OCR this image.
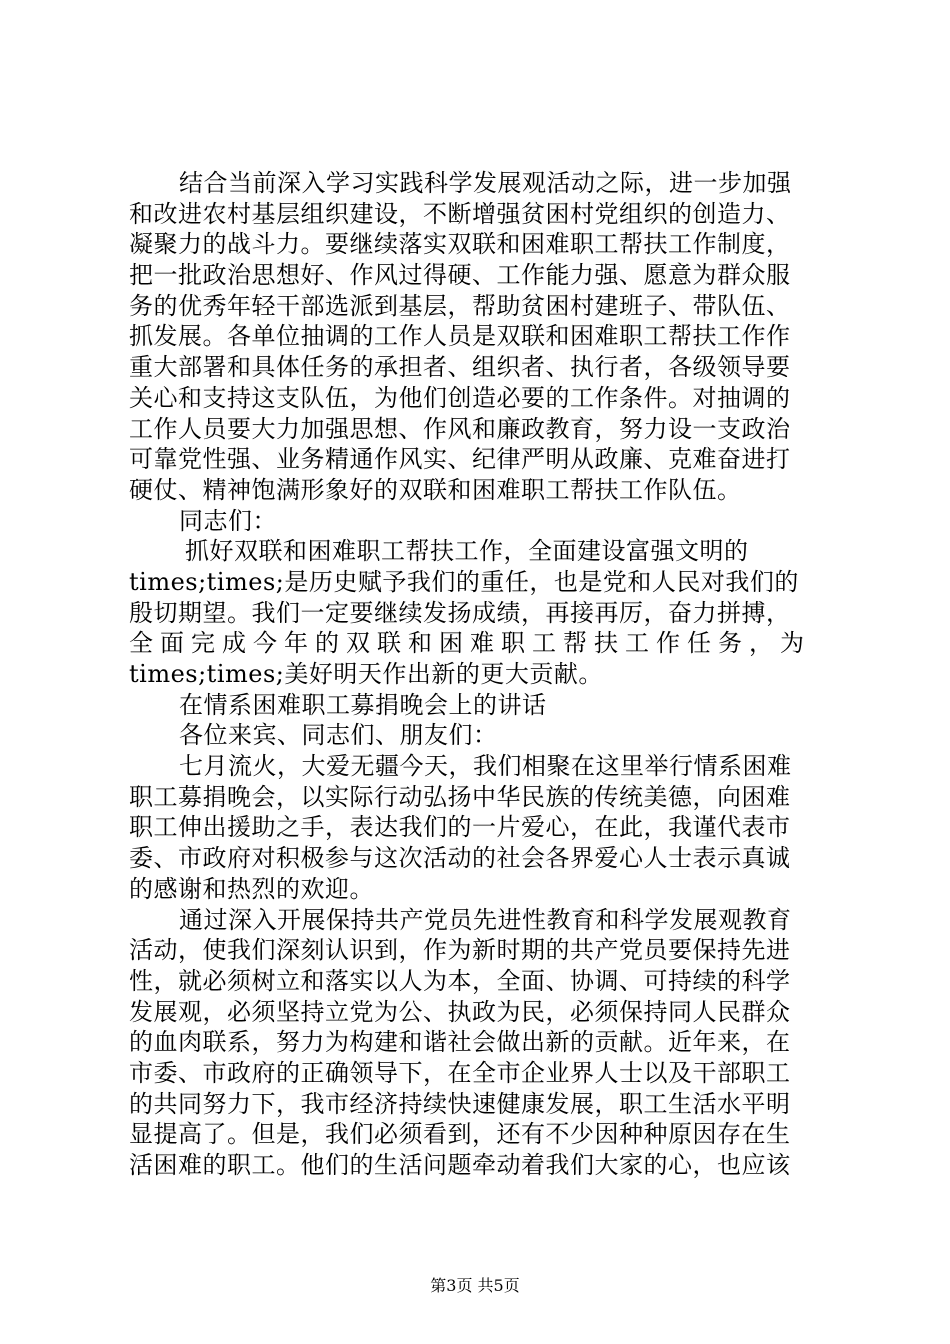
结合当前深入学习实践科学发展观活动之际，进一步加强
和改进农村基层组织建设，不断增强贫困村党组织的创造力、
凝聚力的战斗力。要继续落实双联和困难职工帮扶工作制度，
把一批政治思想好、作风过得硬、工作能力强、愿意为群众服
务的优秀年轻干部选派到基层，帮助贫困村建班子、带队伍、
抓发展。各单位抽调的工作人员是双联和困难职工帮扶工作作
重大部署和具体任务的承担者、组织者、执行者，各级领导要
关心和支持这支队伍，为他们创造必要的工作条件。对抽调的
工作人员要大力加强思想、作风和廉政教育，努力设一支政治
可靠党性强、业务精通作风实、纪律严明从政廉、克难奋进打
硬仗、精神饱满形象好的双联和困难职工帮扶工作队伍。
同志们：
抓好双联和困难职工帮扶工作，全面建设富强文明的
times;times;是历史赋予我们的重任，也是党和人民对我们的
殷切期望。我们一定要继续发扬成绩，再接再厉，奋力拼搏，
全面完成今年的双联和困难职工帮扶工作任务，为
times;times;美好明天作出新的更大贡献。
在情系困难职工募捐晚会上的讲话
各位来宾、同志们、朋友们：
七月流火，大爱无疆今天，我们相聚在这里举行情系困难
职工募捐晚会，以实际行动弘扬中华民族的传统美德，向困难
职工伸出援助之手，表达我们的一片爱心，在此，我谨代表市
委、市政府对积极参与这次活动的社会各界爱心人士表示真诚
的感谢和热烈的欢迎。
通过深入开展保持共产党员先进性教育和科学发展观教育
活动，使我们深刻认识到，作为新时期的共产党员要保持先进
性，就必须树立和落实以人为本，全面、协调、可持续的科学
发展观，必须坚持立党为公、执政为民，必须保持同人民群众
的血肉联系，努力为构建和谐社会做出新的贡献。近年来，在
市委、市政府的正确领导下，在全市企业界人士以及干部职工
的共同努力下，我市经济持续快速健康发展，职工生活水平明
显提高了。但是，我们必须看到，还有不少因种种原因存在生
活困难的职工。他们的生活问题牵动着我们大家的心，也应该
第3页 共5页
